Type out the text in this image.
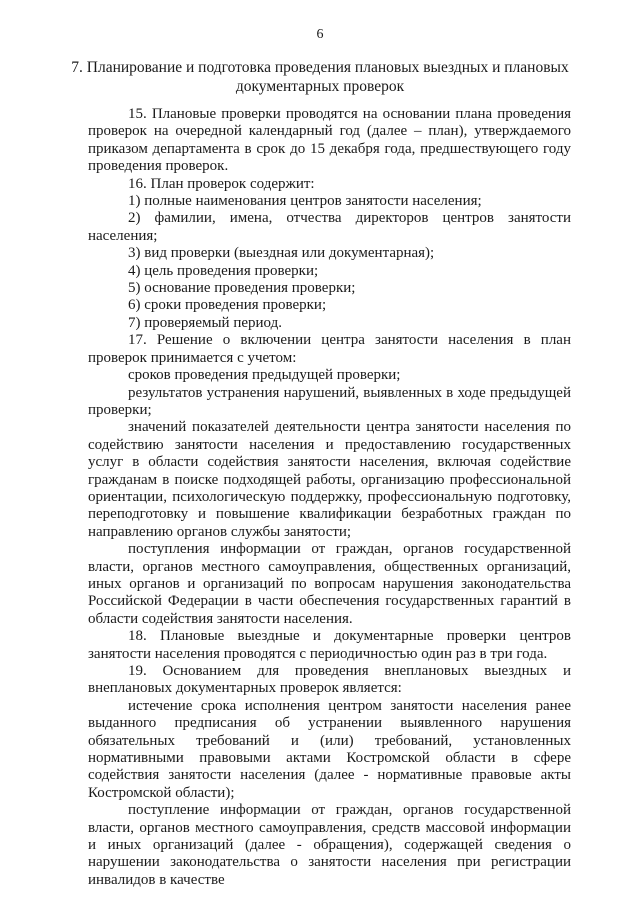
6
7. Планирование и подготовка проведения плановых выездных и плановых
документарных проверок

15. Плановые проверки проводятся на основании плана проведения проверок на очередной календарный год (далее – план), утверждаемого приказом департамента в срок до 15 декабря года, предшествующего году проведения проверок.

16. План проверок содержит:

1) полные наименования центров занятости населения;

2) фамилии, имена, отчества директоров центров занятости населения;

3) вид проверки (выездная или документарная);

4) цель проведения проверки;

5) основание проведения проверки;

6) сроки проведения проверки;

7) проверяемый период.

17. Решение о включении центра занятости населения в план проверок принимается с учетом:

сроков проведения предыдущей проверки;

результатов устранения нарушений, выявленных в ходе предыдущей проверки;

значений показателей деятельности центра занятости населения по содействию занятости населения и предоставлению государственных услуг в области содействия занятости населения, включая содействие гражданам в поиске подходящей работы, организацию профессиональной ориентации, психологическую поддержку, профессиональную подготовку, переподготовку и повышение квалификации безработных граждан по направлению органов службы занятости;

поступления информации от граждан, органов государственной власти, органов местного самоуправления, общественных организаций, иных органов и организаций по вопросам нарушения законодательства Российской Федерации в части обеспечения государственных гарантий в области содействия занятости населения.

18. Плановые выездные и документарные проверки центров занятости населения проводятся с периодичностью один раз в три года.

19. Основанием для проведения внеплановых выездных и внеплановых документарных проверок является:

истечение срока исполнения центром занятости населения ранее выданного предписания об устранении выявленного нарушения обязательных требований и (или) требований, установленных нормативными правовыми актами Костромской области в сфере содействия занятости населения (далее - нормативные правовые акты Костромской области);

поступление информации от граждан, органов государственной власти, органов местного самоуправления, средств массовой информации и иных организаций (далее - обращения), содержащей сведения о нарушении законодательства о занятости населения при регистрации инвалидов в качестве
